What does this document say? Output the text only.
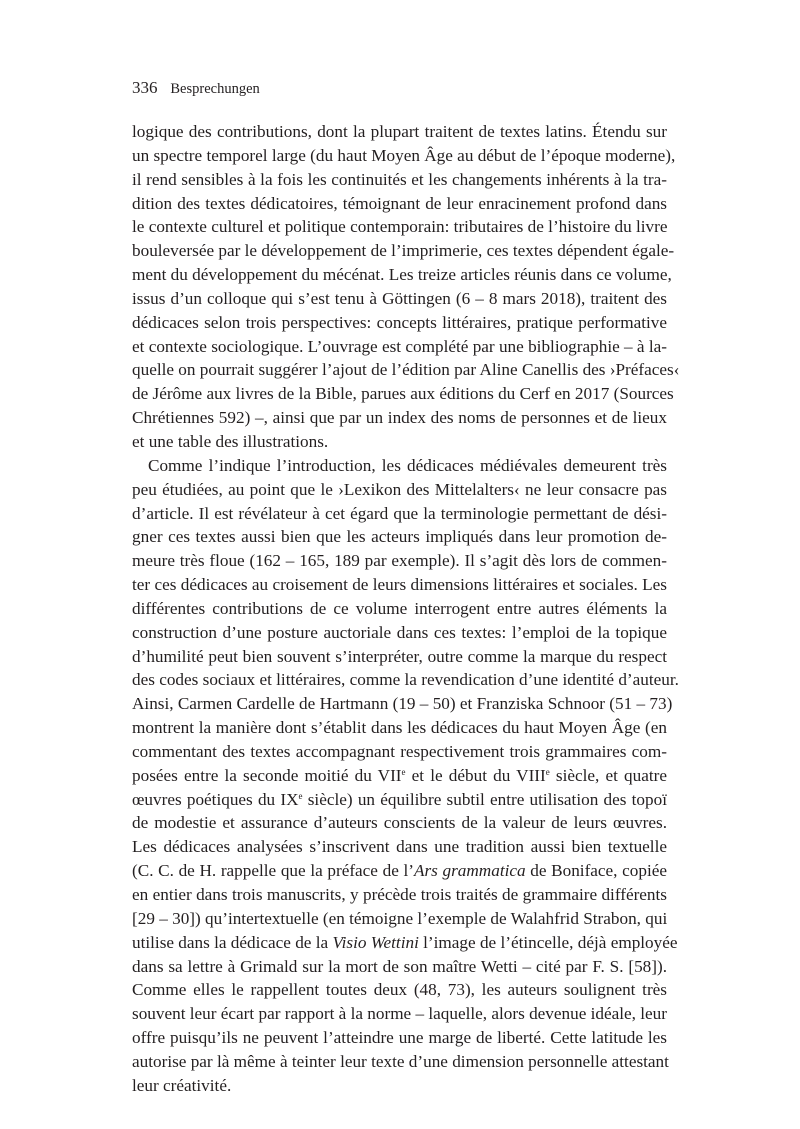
336 Besprechungen
logique des contributions, dont la plupart traitent de textes latins. Étendu sur
un spectre temporel large (du haut Moyen Âge au début de l’époque moderne),
il rend sensibles à la fois les continuités et les changements inhérents à la tra-
dition des textes dédicatoires, témoignant de leur enracinement profond dans
le contexte culturel et politique contemporain: tributaires de l’histoire du livre
bouleversée par le développement de l’imprimerie, ces textes dépendent égale-
ment du développement du mécénat. Les treize articles réunis dans ce volume,
issus d’un colloque qui s’est tenu à Göttingen (6 – 8 mars 2018), traitent des
dédicaces selon trois perspectives: concepts littéraires, pratique performative
et contexte sociologique. L’ouvrage est complété par une bibliographie – à la-
quelle on pourrait suggérer l’ajout de l’édition par Aline Canellis des ›Préfaces‹
de Jérôme aux livres de la Bible, parues aux éditions du Cerf en 2017 (Sources
Chrétiennes 592) –, ainsi que par un index des noms de personnes et de lieux
et une table des illustrations.
Comme l’indique l’introduction, les dédicaces médiévales demeurent très
peu étudiées, au point que le ›Lexikon des Mittelalters‹ ne leur consacre pas
d’article. Il est révélateur à cet égard que la terminologie permettant de dési-
gner ces textes aussi bien que les acteurs impliqués dans leur promotion de-
meure très floue (162 – 165, 189 par exemple). Il s’agit dès lors de commen-
ter ces dédicaces au croisement de leurs dimensions littéraires et sociales. Les
différentes contributions de ce volume interrogent entre autres éléments la
construction d’une posture auctoriale dans ces textes: l’emploi de la topique
d’humilité peut bien souvent s’interpréter, outre comme la marque du respect
des codes sociaux et littéraires, comme la revendication d’une identité d’auteur.
Ainsi, Carmen Cardelle de Hartmann (19 – 50) et Franziska Schnoor (51 – 73)
montrent la manière dont s’établit dans les dédicaces du haut Moyen Âge (en
commentant des textes accompagnant respectivement trois grammaires com-
posées entre la seconde moitié du VIIe et le début du VIIIe siècle, et quatre
œuvres poétiques du IXe siècle) un équilibre subtil entre utilisation des topoï
de modestie et assurance d’auteurs conscients de la valeur de leurs œuvres.
Les dédicaces analysées s’inscrivent dans une tradition aussi bien textuelle
(C. C. de H. rappelle que la préface de l’Ars grammatica de Boniface, copiée
en entier dans trois manuscrits, y précède trois traités de grammaire différents
[29 – 30]) qu’intertextuelle (en témoigne l’exemple de Walahfrid Strabon, qui
utilise dans la dédicace de la Visio Wettini l’image de l’étincelle, déjà employée
dans sa lettre à Grimald sur la mort de son maître Wetti – cité par F. S. [58]).
Comme elles le rappellent toutes deux (48, 73), les auteurs soulignent très
souvent leur écart par rapport à la norme – laquelle, alors devenue idéale, leur
offre puisqu’ils ne peuvent l’atteindre une marge de liberté. Cette latitude les
autorise par là même à teinter leur texte d’une dimension personnelle attestant
leur créativité.
